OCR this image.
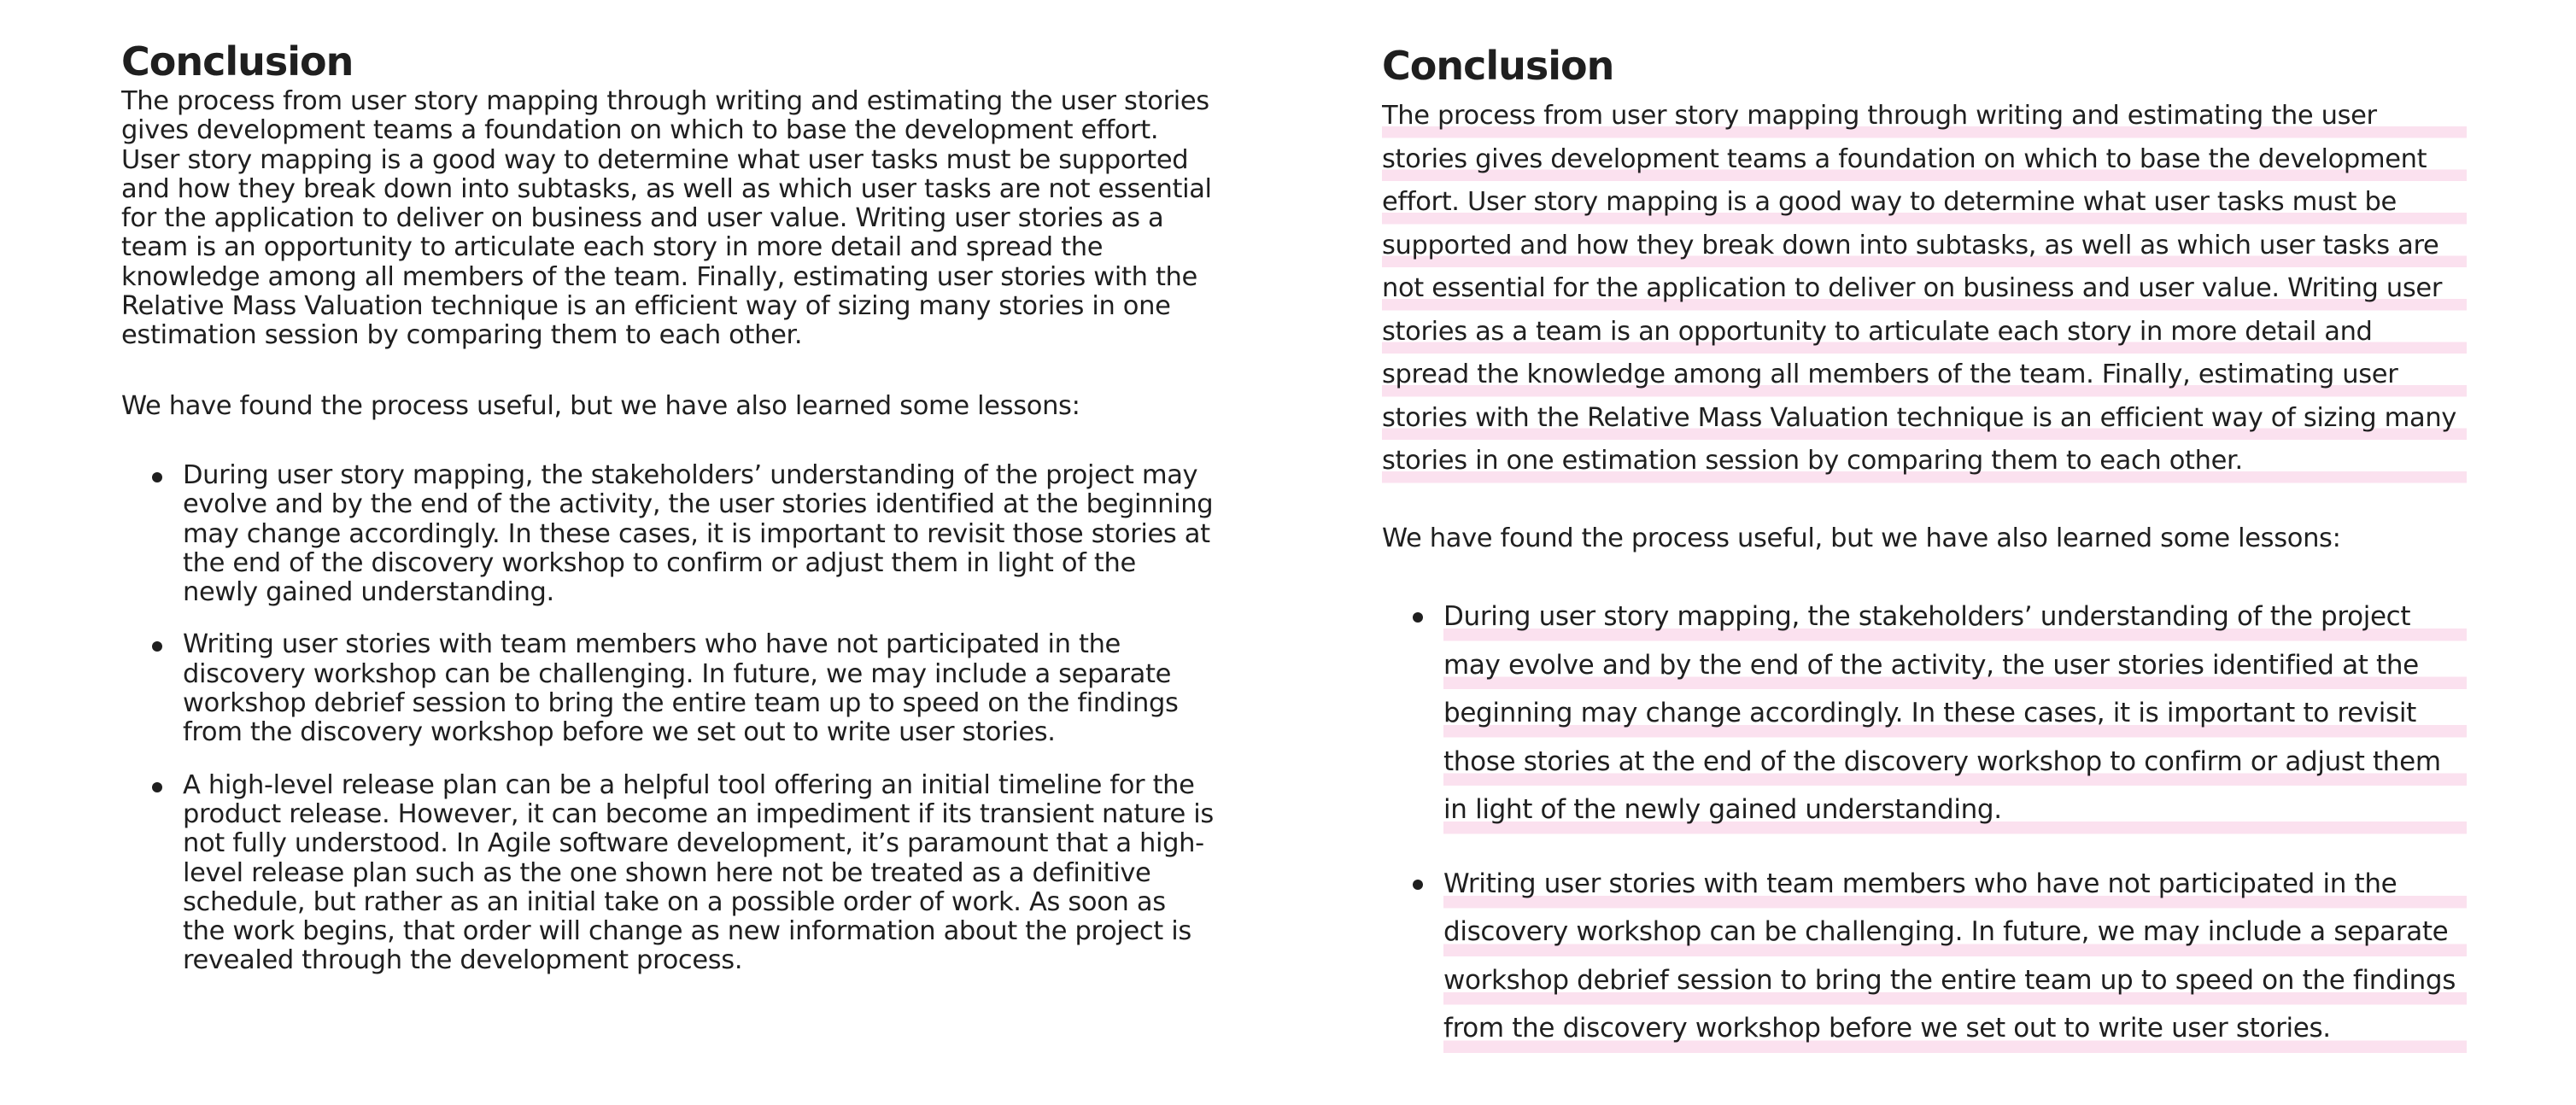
Conclusion

The process from user story mapping through writing and estimating the user stories gives development teams a foundation on which to base the development effort. User story mapping is a good way to determine what user tasks must be supported and how they break down into subtasks, as well as which user tasks are not essential for the application to deliver on business and user value. Writing user stories as a team is an opportunity to articulate each story in more detail and spread the knowledge among all members of the team. Finally, estimating user stories with the Relative Mass Valuation technique is an efficient way of sizing many stories in one estimation session by comparing them to each other.

We have found the process useful, but we have also learned some lessons:

During user story mapping, the stakeholders’ understanding of the project may evolve and by the end of the activity, the user stories identified at the beginning may change accordingly. In these cases, it is important to revisit those stories at the end of the discovery workshop to confirm or adjust them in light of the newly gained understanding.
Writing user stories with team members who have not participated in the discovery workshop can be challenging. In future, we may include a separate workshop debrief session to bring the entire team up to speed on the findings from the discovery workshop before we set out to write user stories.
A high-level release plan can be a helpful tool offering an initial timeline for the product release. However, it can become an impediment if its transient nature is not fully understood. In Agile software development, it’s paramount that a high-level release plan such as the one shown here not be treated as a definitive schedule, but rather as an initial take on a possible order of work. As soon as the work begins, that order will change as new information about the project is revealed through the development process.
Conclusion

The process from user story mapping through writing and estimating the user stories gives development teams a foundation on which to base the development effort. User story mapping is a good way to determine what user tasks must be supported and how they break down into subtasks, as well as which user tasks are not essential for the application to deliver on business and user value. Writing user stories as a team is an opportunity to articulate each story in more detail and spread the knowledge among all members of the team. Finally, estimating user stories with the Relative Mass Valuation technique is an efficient way of sizing many stories in one estimation session by comparing them to each other.

We have found the process useful, but we have also learned some lessons:

During user story mapping, the stakeholders’ understanding of the project may evolve and by the end of the activity, the user stories identified at the beginning may change accordingly. In these cases, it is important to revisit those stories at the end of the discovery workshop to confirm or adjust them in light of the newly gained understanding.
Writing user stories with team members who have not participated in the discovery workshop can be challenging. In future, we may include a separate workshop debrief session to bring the entire team up to speed on the findings from the discovery workshop before we set out to write user stories.
